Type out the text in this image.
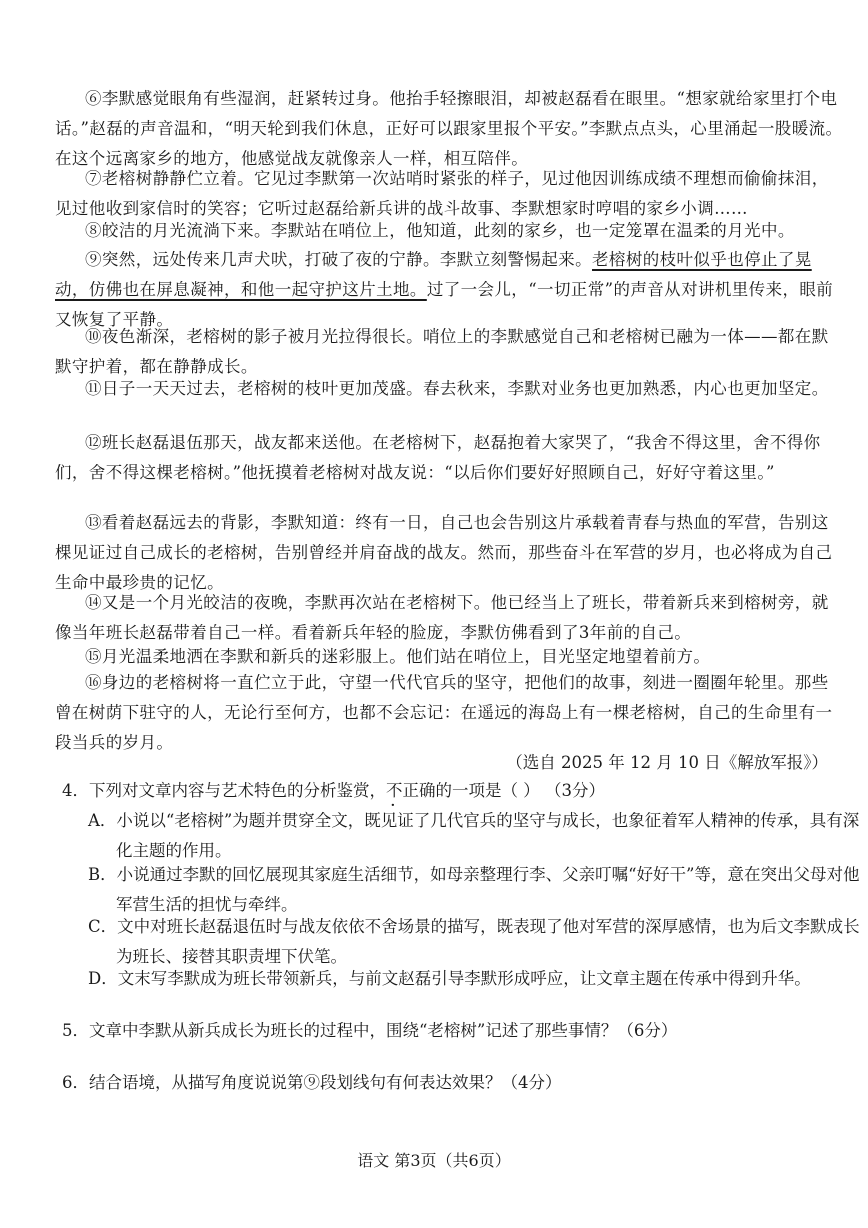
⑥李默感觉眼角有些湿润，赶紧转过身。他抬手轻擦眼泪，却被赵磊看在眼里。“想家就给家里打个电话。”赵磊的声音温和，“明天轮到我们休息，正好可以跟家里报个平安。”李默点点头，心里涌起一股暖流。在这个远离家乡的地方，他感觉战友就像亲人一样，相互陪伴。

⑦老榕树静静伫立着。它见过李默第一次站哨时紧张的样子，见过他因训练成绩不理想而偷偷抹泪，见过他收到家信时的笑容；它听过赵磊给新兵讲的战斗故事、李默想家时哼唱的家乡小调……

⑧皎洁的月光流淌下来。李默站在哨位上，他知道，此刻的家乡，也一定笼罩在温柔的月光中。

⑨突然，远处传来几声犬吠，打破了夜的宁静。李默立刻警惕起来。老榕树的枝叶似乎也停止了晃动，仿佛也在屏息凝神，和他一起守护这片土地。过了一会儿，“一切正常”的声音从对讲机里传来，眼前又恢复了平静。

⑩夜色渐深，老榕树的影子被月光拉得很长。哨位上的李默感觉自己和老榕树已融为一体——都在默默守护着，都在静静成长。

⑪日子一天天过去，老榕树的枝叶更加茂盛。春去秋来，李默对业务也更加熟悉，内心也更加坚定。

⑫班长赵磊退伍那天，战友都来送他。在老榕树下，赵磊抱着大家哭了，“我舍不得这里，舍不得你们，舍不得这棵老榕树。”他抚摸着老榕树对战友说：“以后你们要好好照顾自己，好好守着这里。”

⑬看着赵磊远去的背影，李默知道：终有一日，自己也会告别这片承载着青春与热血的军营，告别这棵见证过自己成长的老榕树，告别曾经并肩奋战的战友。然而，那些奋斗在军营的岁月，也必将成为自己生命中最珍贵的记忆。

⑭又是一个月光皎洁的夜晚，李默再次站在老榕树下。他已经当上了班长，带着新兵来到榕树旁，就像当年班长赵磊带着自己一样。看着新兵年轻的脸庞，李默仿佛看到了3年前的自己。

⑮月光温柔地洒在李默和新兵的迷彩服上。他们站在哨位上，目光坚定地望着前方。

⑯身边的老榕树将一直伫立于此，守望一代代官兵的坚守，把他们的故事，刻进一圈圈年轮里。那些曾在树荫下驻守的人，无论行至何方，也都不会忘记：在遥远的海岛上有一棵老榕树，自己的生命里有一段当兵的岁月。

（选自 2025 年 12 月 10 日《解放军报》）

4．下列对文章内容与艺术特色的分析鉴赏，不正确的一项是（ ） （3分）

A．小说以“老榕树”为题并贯穿全文，既见证了几代官兵的坚守与成长，也象征着军人精神的传承，具有深化主题的作用。

B．小说通过李默的回忆展现其家庭生活细节，如母亲整理行李、父亲叮嘱“好好干”等，意在突出父母对他军营生活的担忧与牵绊。

C．文中对班长赵磊退伍时与战友依依不舍场景的描写，既表现了他对军营的深厚感情，也为后文李默成长为班长、接替其职责埋下伏笔。

D．文末写李默成为班长带领新兵，与前文赵磊引导李默形成呼应，让文章主题在传承中得到升华。

5．文章中李默从新兵成长为班长的过程中，围绕“老榕树”记述了那些事情？（6分）

6．结合语境，从描写角度说说第⑨段划线句有何表达效果？（4分）

语文 第3页（共6页）
